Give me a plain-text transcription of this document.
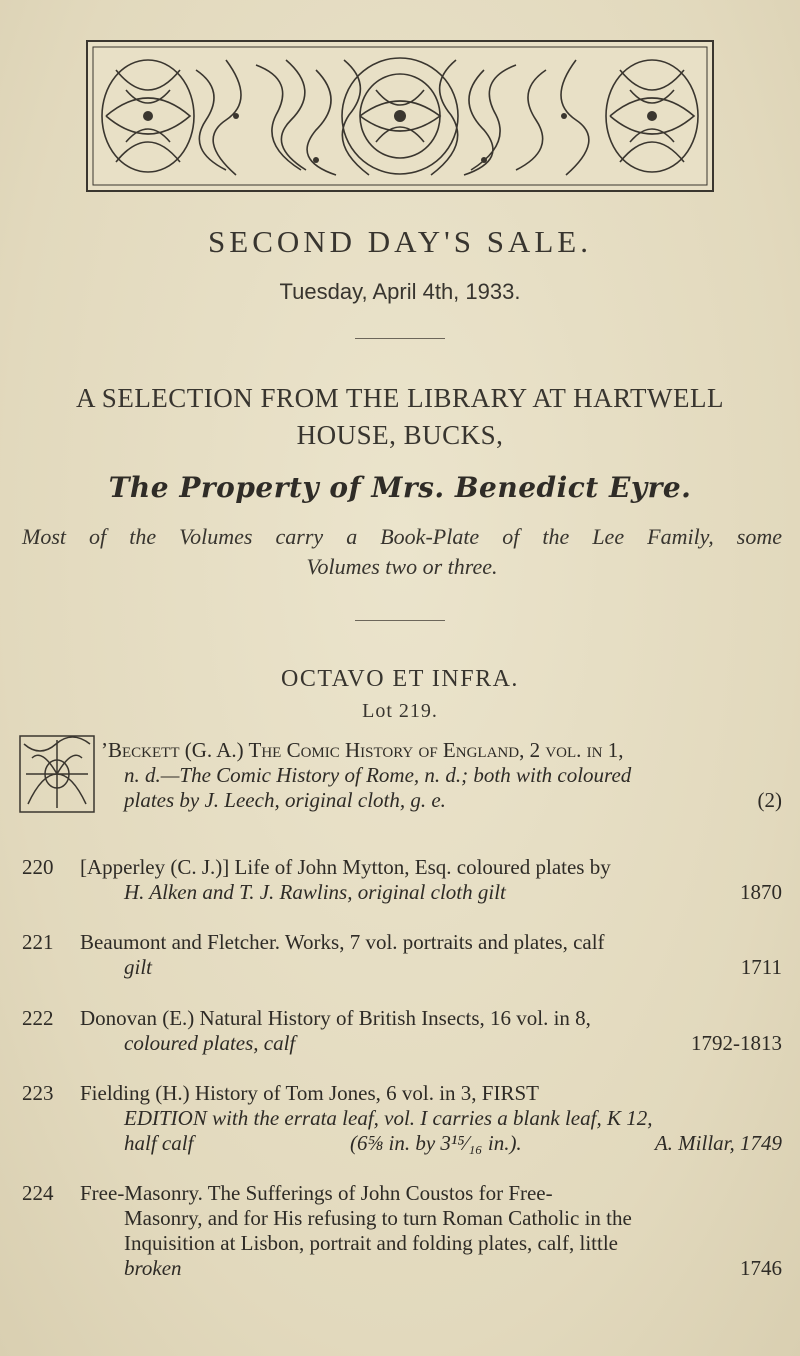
SECOND DAY'S SALE.
Tuesday, April 4th, 1933.
A SELECTION FROM THE LIBRARY AT HARTWELL
HOUSE, BUCKS,
The Property of Mrs. Benedict Eyre.
Most of the Volumes carry a Book-Plate of the Lee Family, some
Volumes two or three.
OCTAVO ET INFRA.
Lot 219.
’Beckett (G. A.) The Comic History of England, 2 vol. in 1,
n. d.—The Comic History of Rome, n. d.; both with coloured
plates by J. Leech, original cloth, g. e.	(2)
220 [Apperley (C. J.)] Life of John Mytton, Esq. coloured plates by
H. Alken and T. J. Rawlins, original cloth gilt	1870
221 Beaumont and Fletcher. Works, 7 vol. portraits and plates, calf
gilt	1711
222 Donovan (E.) Natural History of British Insects, 16 vol. in 8,
coloured plates, calf	1792-1813
223 Fielding (H.) History of Tom Jones, 6 vol. in 3, FIRST
EDITION with the errata leaf, vol. I carries a blank leaf, K 12,
half calf	(6⅝ in. by 3¹⁵⁄₁₆ in.).	A. Millar, 1749
224 Free-Masonry. The Sufferings of John Coustos for Free-
Masonry, and for His refusing to turn Roman Catholic in the
Inquisition at Lisbon, portrait and folding plates, calf, little
broken	1746
